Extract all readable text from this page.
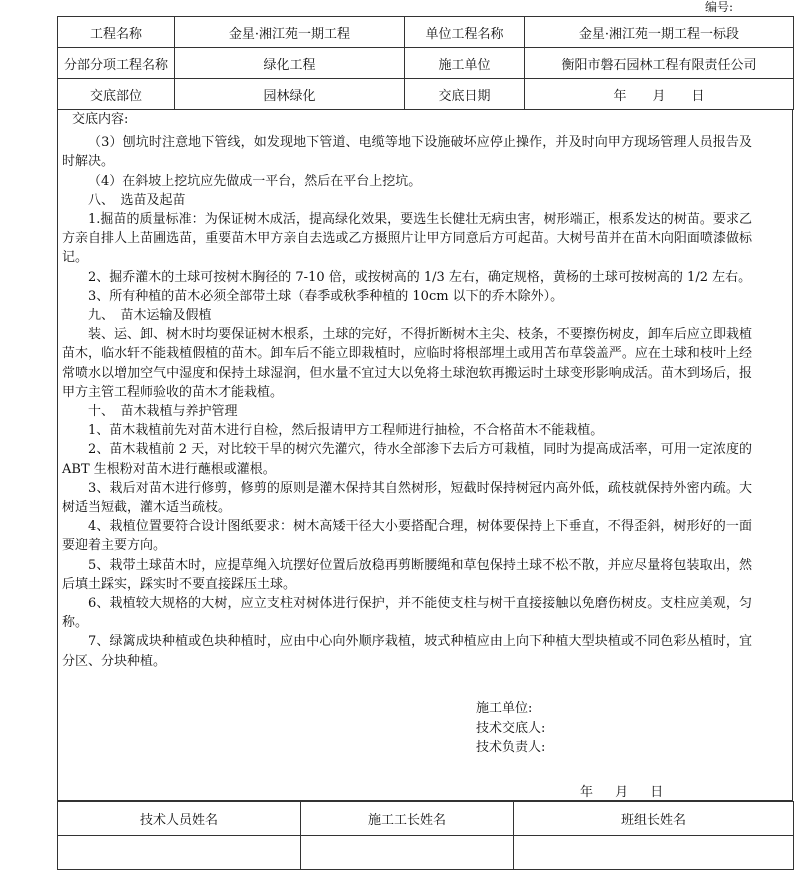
编号:
工程名称	金星·湘江苑一期工程	单位工程名称	金星·湘江苑一期工程一标段
分部分项工程名称	绿化工程	施工单位	衡阳市磐石园林工程有限责任公司
交底部位	园林绿化	交底日期	年　　月　　日

交底内容:

（3）刨坑时注意地下管线，如发现地下管道、电缆等地下设施破坏应停止操作，并及时向甲方现场管理人员报告及时解决。

（4）在斜坡上挖坑应先做成一平台，然后在平台上挖坑。

八、　选苗及起苗

1.掘苗的质量标准：为保证树木成活，提高绿化效果，要选生长健壮无病虫害，树形端正，根系发达的树苗。要求乙方亲自排人上苗圃选苗，重要苗木甲方亲自去选或乙方摄照片让甲方同意后方可起苗。大树号苗并在苗木向阳面喷漆做标记。

2、掘乔灌木的土球可按树木胸径的 7-10 倍，或按树高的 1/3 左右，确定规格，黄杨的土球可按树高的 1/2 左右。

3、所有种植的苗木必须全部带土球（春季或秋季种植的 10cm 以下的乔木除外）。

九、　苗木运输及假植

装、运、卸、树木时均要保证树木根系，土球的完好，不得折断树木主尖、枝条，不要擦伤树皮，卸车后应立即栽植苗木，临水轩不能栽植假植的苗木。卸车后不能立即栽植时，应临时将根部埋土或用苫布草袋盖严。应在土球和枝叶上经常喷水以增加空气中湿度和保持土球湿润，但水量不宜过大以免将土球泡软再搬运时土球变形影响成活。苗木到场后，报甲方主管工程师验收的苗木才能栽植。

十、　苗木栽植与养护管理

1、苗木栽植前先对苗木进行自检，然后报请甲方工程师进行抽检，不合格苗木不能栽植。

2、苗木栽植前 2 天，对比较干旱的树穴先灌穴，待水全部渗下去后方可栽植，同时为提高成活率，可用一定浓度的 ABT 生根粉对苗木进行蘸根或灌根。

3、栽后对苗木进行修剪，修剪的原则是灌木保持其自然树形，短截时保持树冠内高外低，疏枝就保持外密内疏。大树适当短截，灌木适当疏枝。

4、栽植位置要符合设计图纸要求：树木高矮干径大小要搭配合理，树体要保持上下垂直，不得歪斜，树形好的一面要迎着主要方向。

5、栽带土球苗木时，应提草绳入坑摆好位置后放稳再剪断腰绳和草包保持土球不松不散，并应尽量将包装取出，然后填土踩实，踩实时不要直接踩压土球。

6、栽植较大规格的大树，应立支柱对树体进行保护，并不能使支柱与树干直接接触以免磨伤树皮。支柱应美观，匀称。

7、绿篱成块种植或色块种植时，应由中心向外顺序栽植，坡式种植应由上向下种植大型块植或不同色彩丛植时，宜分区、分块种植。

施工单位:
技术交底人:
技术负责人:
年 月 日
技术人员姓名	施工工长姓名	班组长姓名
